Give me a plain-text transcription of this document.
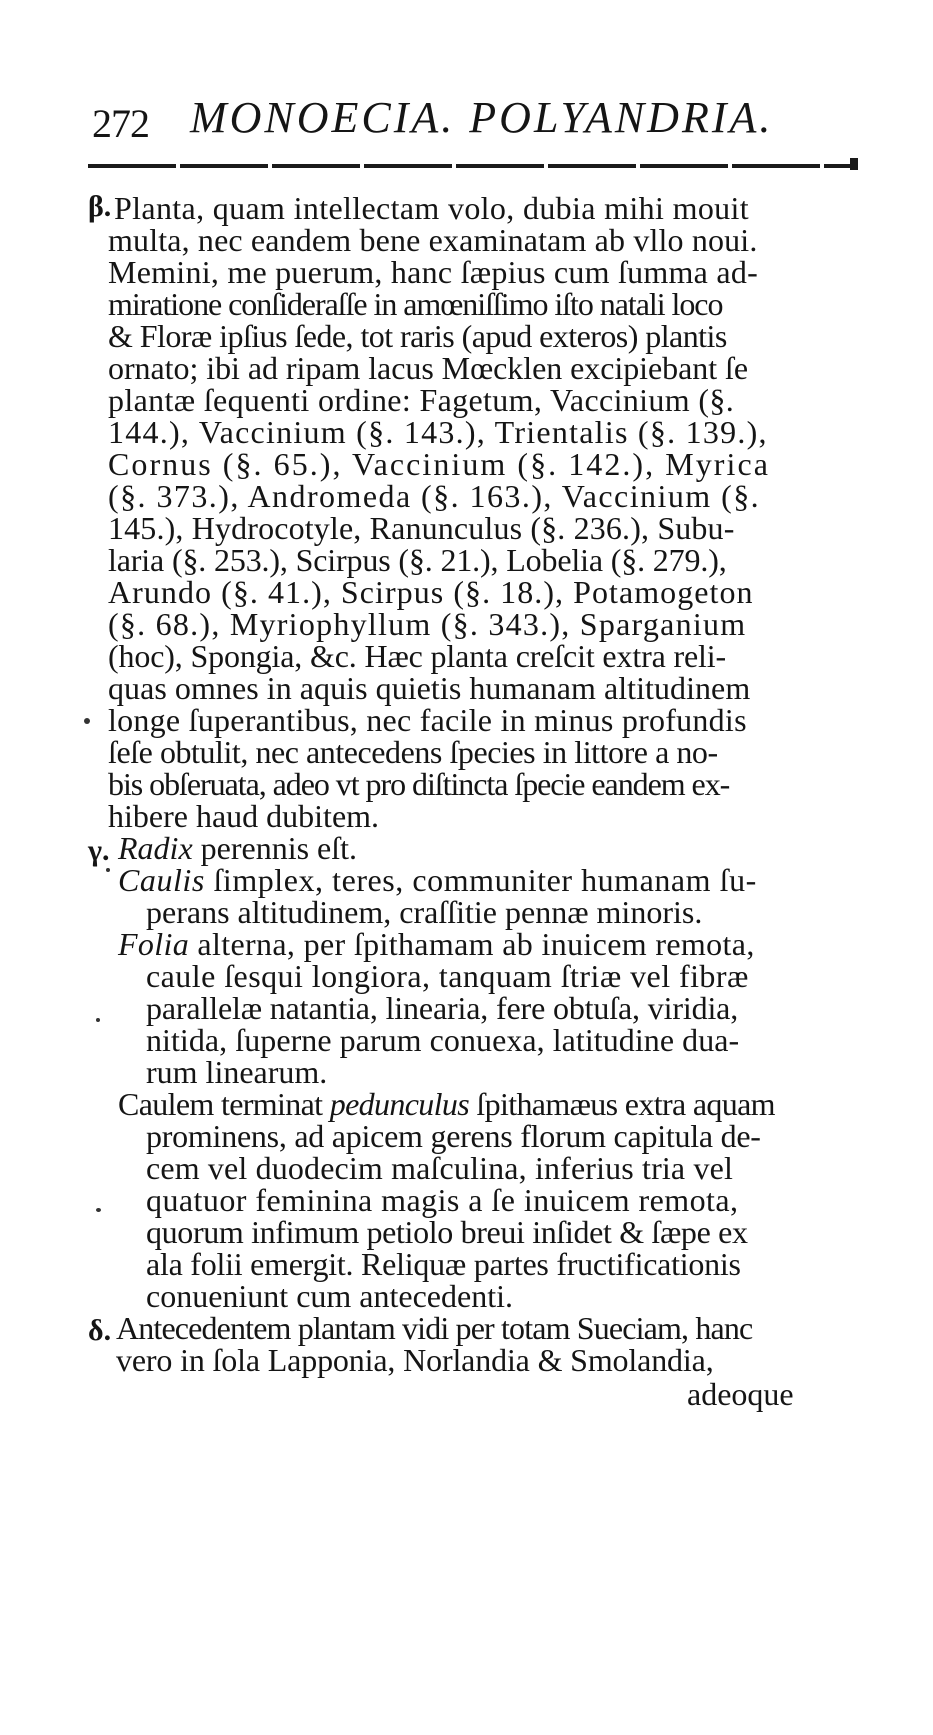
272 MONOECIA. POLYANDRIA.
β. Planta, quam intellectam volo, dubia mihi mouit
multa, nec eandem bene examinatam ab vllo noui.
Memini, me puerum, hanc ſæpius cum ſumma ad-
miratione conſideraſſe in amœniſſimo iſto natali loco
& Floræ ipſius ſede, tot raris (apud exteros) plantis
ornato; ibi ad ripam lacus Mœcklen excipiebant ſe
plantæ ſequenti ordine: Fagetum, Vaccinium (§.
144.), Vaccinium (§. 143.), Trientalis (§. 139.),
Cornus (§. 65.), Vaccinium (§. 142.), Myrica
(§. 373.), Andromeda (§. 163.), Vaccinium (§.
145.), Hydrocotyle, Ranunculus (§. 236.), Subu-
laria (§. 253.), Scirpus (§. 21.), Lobelia (§. 279.),
Arundo (§. 41.), Scirpus (§. 18.), Potamogeton
(§. 68.), Myriophyllum (§. 343.), Sparganium
(hoc), Spongia, &c. Hæc planta creſcit extra reli-
quas omnes in aquis quietis humanam altitudinem
longe ſuperantibus, nec facile in minus profundis
ſeſe obtulit, nec antecedens ſpecies in littore a no-
bis obſeruata, adeo vt pro diſtincta ſpecie eandem ex-
hibere haud dubitem.
γ. Radix perennis eſt.
Caulis ſimplex, teres, communiter humanam ſu-
perans altitudinem, craſſitie pennæ minoris.
Folia alterna, per ſpithamam ab inuicem remota,
caule ſesqui longiora, tanquam ſtriæ vel fibræ
parallelæ natantia, linearia, fere obtuſa, viridia,
nitida, ſuperne parum conuexa, latitudine dua-
rum linearum.
Caulem terminat pedunculus ſpithamæus extra aquam
prominens, ad apicem gerens florum capitula de-
cem vel duodecim maſculina, inferius tria vel
quatuor feminina magis a ſe inuicem remota,
quorum infimum petiolo breui inſidet & ſæpe ex
ala folii emergit. Reliquæ partes fructificationis
conueniunt cum antecedenti.
δ. Antecedentem plantam vidi per totam Sueciam, hanc
vero in ſola Lapponia, Norlandia & Smolandia,
adeoque
